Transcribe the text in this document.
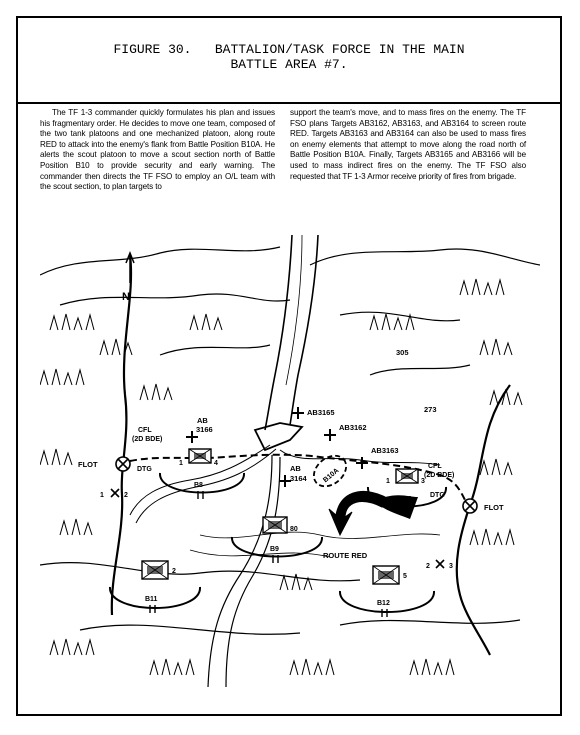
FIGURE 30.   BATTALION/TASK FORCE IN THE MAIN
BATTLE AREA #7.
The TF 1-3 commander quickly formulates his plan and issues his fragmentary order. He decides to move one team, composed of the two tank platoons and one mechanized platoon, along route RED to attack into the enemy's flank from Battle Position B10A. He alerts the scout platoon to move a scout section north of Battle Position B10 to provide security and early warning. The commander then directs the TF FSO to employ an O/L team with the scout section, to plan targets to
support the team's move, and to mass fires on the enemy. The TF FSO plans Targets AB3162, AB3163, and AB3164 to screen route RED. Targets AB3163 and AB3164 can also be used to mass fires on enemy elements that attempt to move along the road north of Battle Position B10A. Finally, Targets AB3165 and AB3166 will be used to mass indirect fires on the enemy. The TF FSO also requested that TF 1-3 Armor receive priority of fires from brigade.
N
FLOT
FLOT
1	2
2	3
CFL
(2D BDE)
DTG	CFL
(2D BDE)
DTG
305
273
AB3165
AB3162
AB3163
AB
3166
AB
3164 B10A
ROUTE RED
1	4
B8
80
B9
1	3
B10
2
B11
5
B12
